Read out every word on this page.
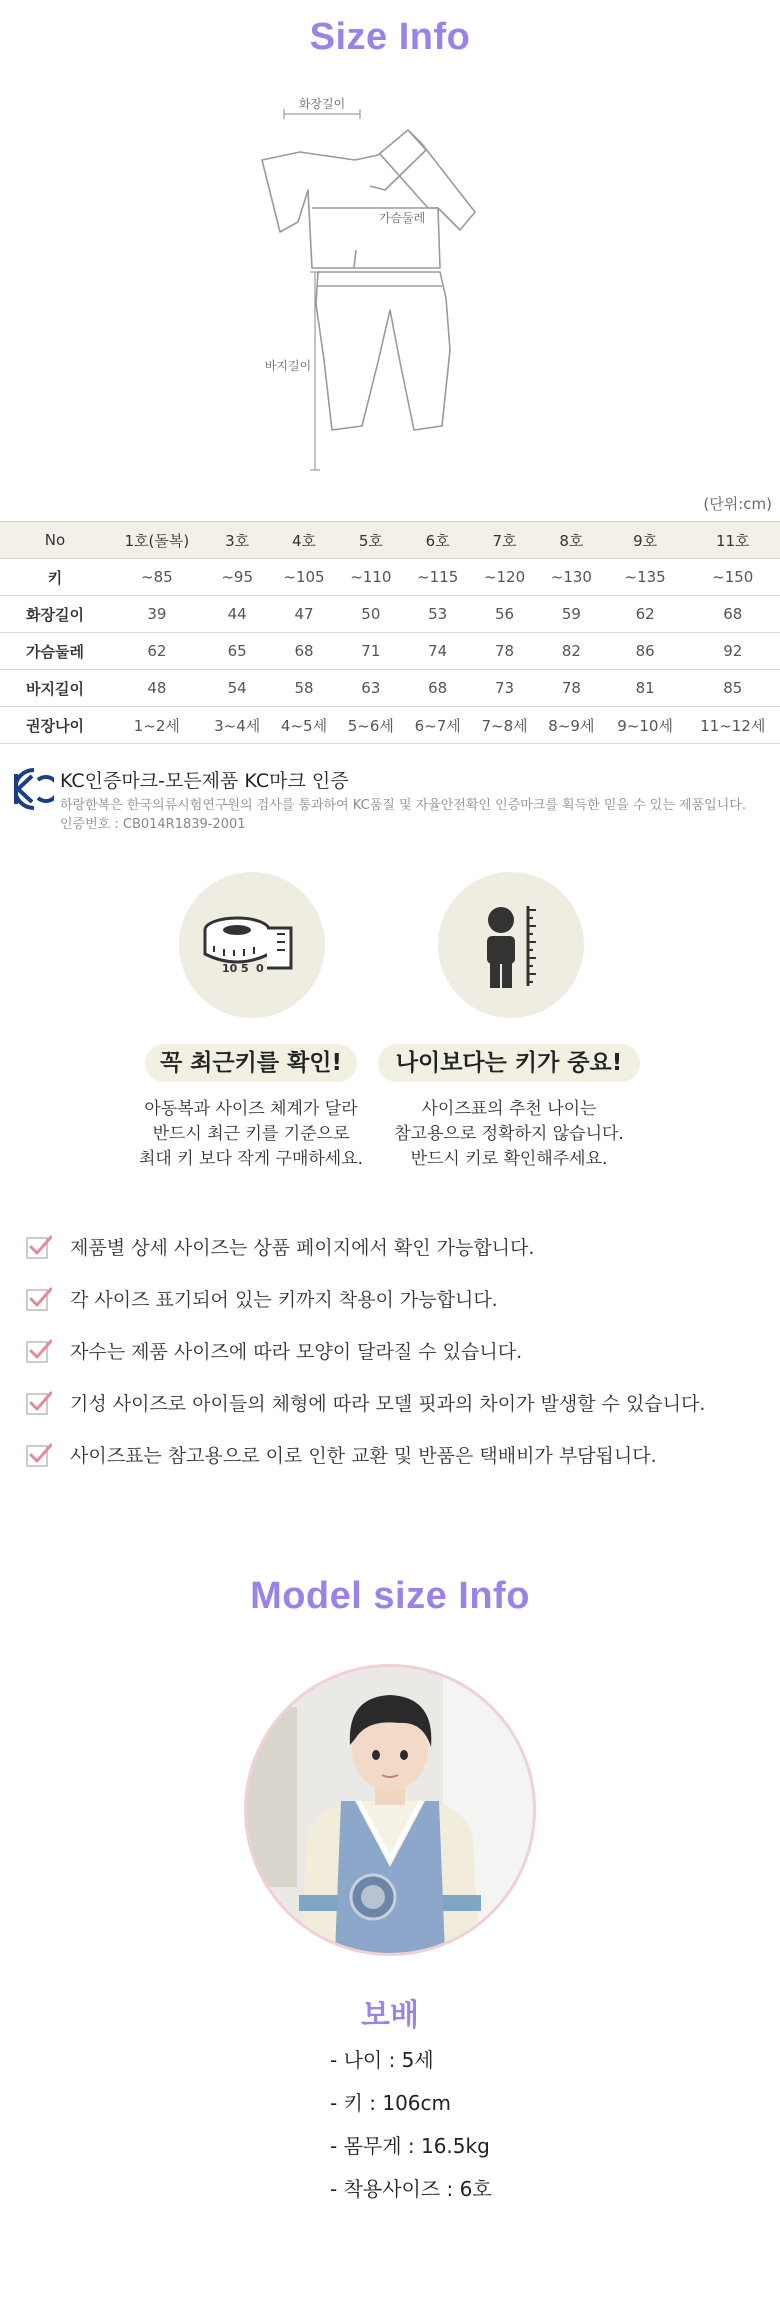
Size Info
화장길이
가슴둘레
바지길이
(단위:cm)
No	1호(돌복)	3호	4호	5호	6호	7호	8호	9호	11호
키	~85	~95	~105	~110	~115	~120	~130	~135	~150
화장길이	39	44	47	50	53	56	59	62	68
가슴둘레	62	65	68	71	74	78	82	86	92
바지길이	48	54	58	63	68	73	78	81	85
권장나이	1~2세	3~4세	4~5세	5~6세	6~7세	7~8세	8~9세	9~10세	11~12세
KC인증마크-모든제품 KC마크 인증
하랑한복은 한국의류시험연구원의 검사를 통과하여 KC품질 및 자율안전확인 인증마크를 획득한 믿을 수 있는 제품입니다.
인증번호 : CB014R1839-2001
10 5 0
꼭 최근키를 확인!	나이보다는 키가 중요!
아동복과 사이즈 체계가 달라
반드시 최근 키를 기준으로
최대 키 보다 작게 구매하세요.
사이즈표의 추천 나이는
참고용으로 정확하지 않습니다.
반드시 키로 확인해주세요.
제품별 상세 사이즈는 상품 페이지에서 확인 가능합니다.
각 사이즈 표기되어 있는 키까지 착용이 가능합니다.
자수는 제품 사이즈에 따라 모양이 달라질 수 있습니다.
기성 사이즈로 아이들의 체형에 따라 모델 핏과의 차이가 발생할 수 있습니다.
사이즈표는 참고용으로 이로 인한 교환 및 반품은 택배비가 부담됩니다.
Model size Info
보배
- 나이 : 5세
- 키 : 106cm
- 몸무게 : 16.5kg
- 착용사이즈 : 6호
